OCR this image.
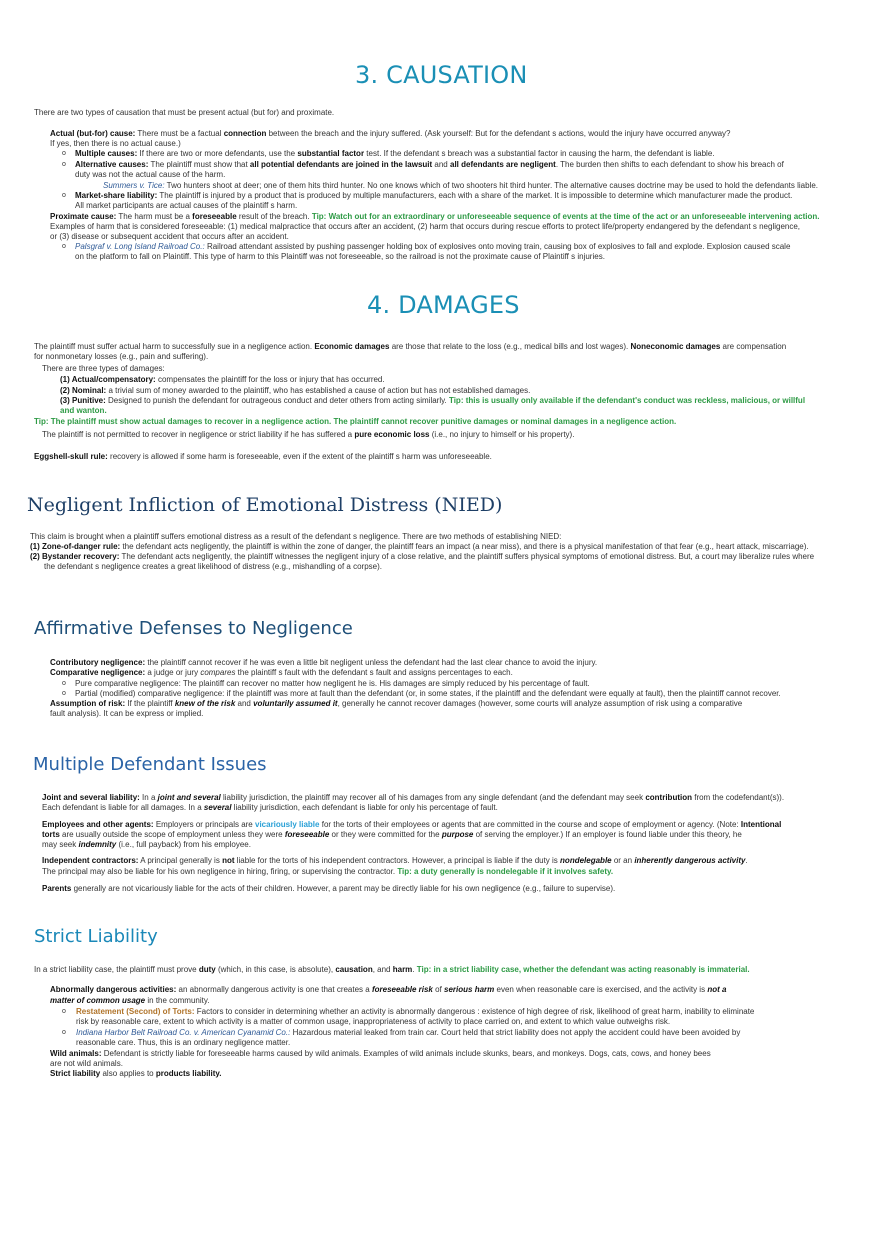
3. CAUSATION
There are two types of causation that must be present actual (but for) and proximate.
Actual (but-for) cause: There must be a factual connection between the breach and the injury suffered. (Ask yourself: But for the defendant s actions, would the injury have occurred anyway?
If yes, then there is no actual cause.)
o Multiple causes: If there are two or more defendants, use the substantial factor test. If the defendant s breach was a substantial factor in causing the harm, the defendant is liable.
o Alternative causes: The plaintiff must show that all potential defendants are joined in the lawsuit and all defendants are negligent. The burden then shifts to each defendant to show his breach of
duty was not the actual cause of the harm.
Summers v. Tice: Two hunters shoot at deer; one of them hits third hunter. No one knows which of two shooters hit third hunter. The alternative causes doctrine may be used to hold the defendants liable.
o Market-share liability: The plaintiff is injured by a product that is produced by multiple manufacturers, each with a share of the market. It is impossible to determine which manufacturer made the product.
All market participants are actual causes of the plaintiff s harm.
Proximate cause: The harm must be a foreseeable result of the breach. Tip: Watch out for an extraordinary or unforeseeable sequence of events at the time of the act or an unforeseeable intervening action.
Examples of harm that is considered foreseeable: (1) medical malpractice that occurs after an accident, (2) harm that occurs during rescue efforts to protect life/property endangered by the defendant s negligence,
or (3) disease or subsequent accident that occurs after an accident.
o Palsgraf v. Long Island Railroad Co.: Railroad attendant assisted by pushing passenger holding box of explosives onto moving train, causing box of explosives to fall and explode. Explosion caused scale
on the platform to fall on Plaintiff. This type of harm to this Plaintiff was not foreseeable, so the railroad is not the proximate cause of Plaintiff s injuries.
4. DAMAGES
The plaintiff must suffer actual harm to successfully sue in a negligence action. Economic damages are those that relate to the loss (e.g., medical bills and lost wages). Noneconomic damages are compensation
for nonmonetary losses (e.g., pain and suffering).
There are three types of damages:
(1) Actual/compensatory: compensates the plaintiff for the loss or injury that has occurred.
(2) Nominal: a trivial sum of money awarded to the plaintiff, who has established a cause of action but has not established damages.
(3) Punitive: Designed to punish the defendant for outrageous conduct and deter others from acting similarly. Tip: this is usually only available if the defendant's conduct was reckless, malicious, or willful
and wanton.
Tip: The plaintiff must show actual damages to recover in a negligence action. The plaintiff cannot recover punitive damages or nominal damages in a negligence action.
The plaintiff is not permitted to recover in negligence or strict liability if he has suffered a pure economic loss (i.e., no injury to himself or his property).
Eggshell-skull rule: recovery is allowed if some harm is foreseeable, even if the extent of the plaintiff s harm was unforeseeable.
Negligent Infliction of Emotional Distress (NIED)
This claim is brought when a plaintiff suffers emotional distress as a result of the defendant s negligence. There are two methods of establishing NIED:
(1) Zone-of-danger rule: the defendant acts negligently, the plaintiff is within the zone of danger, the plaintiff fears an impact (a near miss), and there is a physical manifestation of that fear (e.g., heart attack, miscarriage).
(2) Bystander recovery: The defendant acts negligently, the plaintiff witnesses the negligent injury of a close relative, and the plaintiff suffers physical symptoms of emotional distress. But, a court may liberalize rules where
the defendant s negligence creates a great likelihood of distress (e.g., mishandling of a corpse).
Affirmative Defenses to Negligence
Contributory negligence: the plaintiff cannot recover if he was even a little bit negligent unless the defendant had the last clear chance to avoid the injury.
Comparative negligence: a judge or jury compares the plaintiff s fault with the defendant s fault and assigns percentages to each.
o Pure comparative negligence: The plaintiff can recover no matter how negligent he is. His damages are simply reduced by his percentage of fault.
o Partial (modified) comparative negligence: if the plaintiff was more at fault than the defendant (or, in some states, if the plaintiff and the defendant were equally at fault), then the plaintiff cannot recover.
Assumption of risk: If the plaintiff knew of the risk and voluntarily assumed it, generally he cannot recover damages (however, some courts will analyze assumption of risk using a comparative
fault analysis). It can be express or implied.
Multiple Defendant Issues
Joint and several liability: In a joint and several liability jurisdiction, the plaintiff may recover all of his damages from any single defendant (and the defendant may seek contribution from the codefendant(s)).
Each defendant is liable for all damages. In a several liability jurisdiction, each defendant is liable for only his percentage of fault.
Employees and other agents: Employers or principals are vicariously liable for the torts of their employees or agents that are committed in the course and scope of employment or agency. (Note: Intentional
torts are usually outside the scope of employment unless they were foreseeable or they were committed for the purpose of serving the employer.) If an employer is found liable under this theory, he
may seek indemnity (i.e., full payback) from his employee.
Independent contractors: A principal generally is not liable for the torts of his independent contractors. However, a principal is liable if the duty is nondelegable or an inherently dangerous activity.
The principal may also be liable for his own negligence in hiring, firing, or supervising the contractor. Tip: a duty generally is nondelegable if it involves safety.
Parents generally are not vicariously liable for the acts of their children. However, a parent may be directly liable for his own negligence (e.g., failure to supervise).
Strict Liability
In a strict liability case, the plaintiff must prove duty (which, in this case, is absolute), causation, and harm. Tip: in a strict liability case, whether the defendant was acting reasonably is immaterial.
Abnormally dangerous activities: an abnormally dangerous activity is one that creates a foreseeable risk of serious harm even when reasonable care is exercised, and the activity is not a
matter of common usage in the community.
o Restatement (Second) of Torts: Factors to consider in determining whether an activity is abnormally dangerous : existence of high degree of risk, likelihood of great harm, inability to eliminate
risk by reasonable care, extent to which activity is a matter of common usage, inappropriateness of activity to place carried on, and extent to which value outweighs risk.
o Indiana Harbor Belt Railroad Co. v. American Cyanamid Co.: Hazardous material leaked from train car. Court held that strict liability does not apply the accident could have been avoided by
reasonable care. Thus, this is an ordinary negligence matter.
Wild animals: Defendant is strictly liable for foreseeable harms caused by wild animals. Examples of wild animals include skunks, bears, and monkeys. Dogs, cats, cows, and honey bees
are not wild animals.
Strict liability also applies to products liability.
